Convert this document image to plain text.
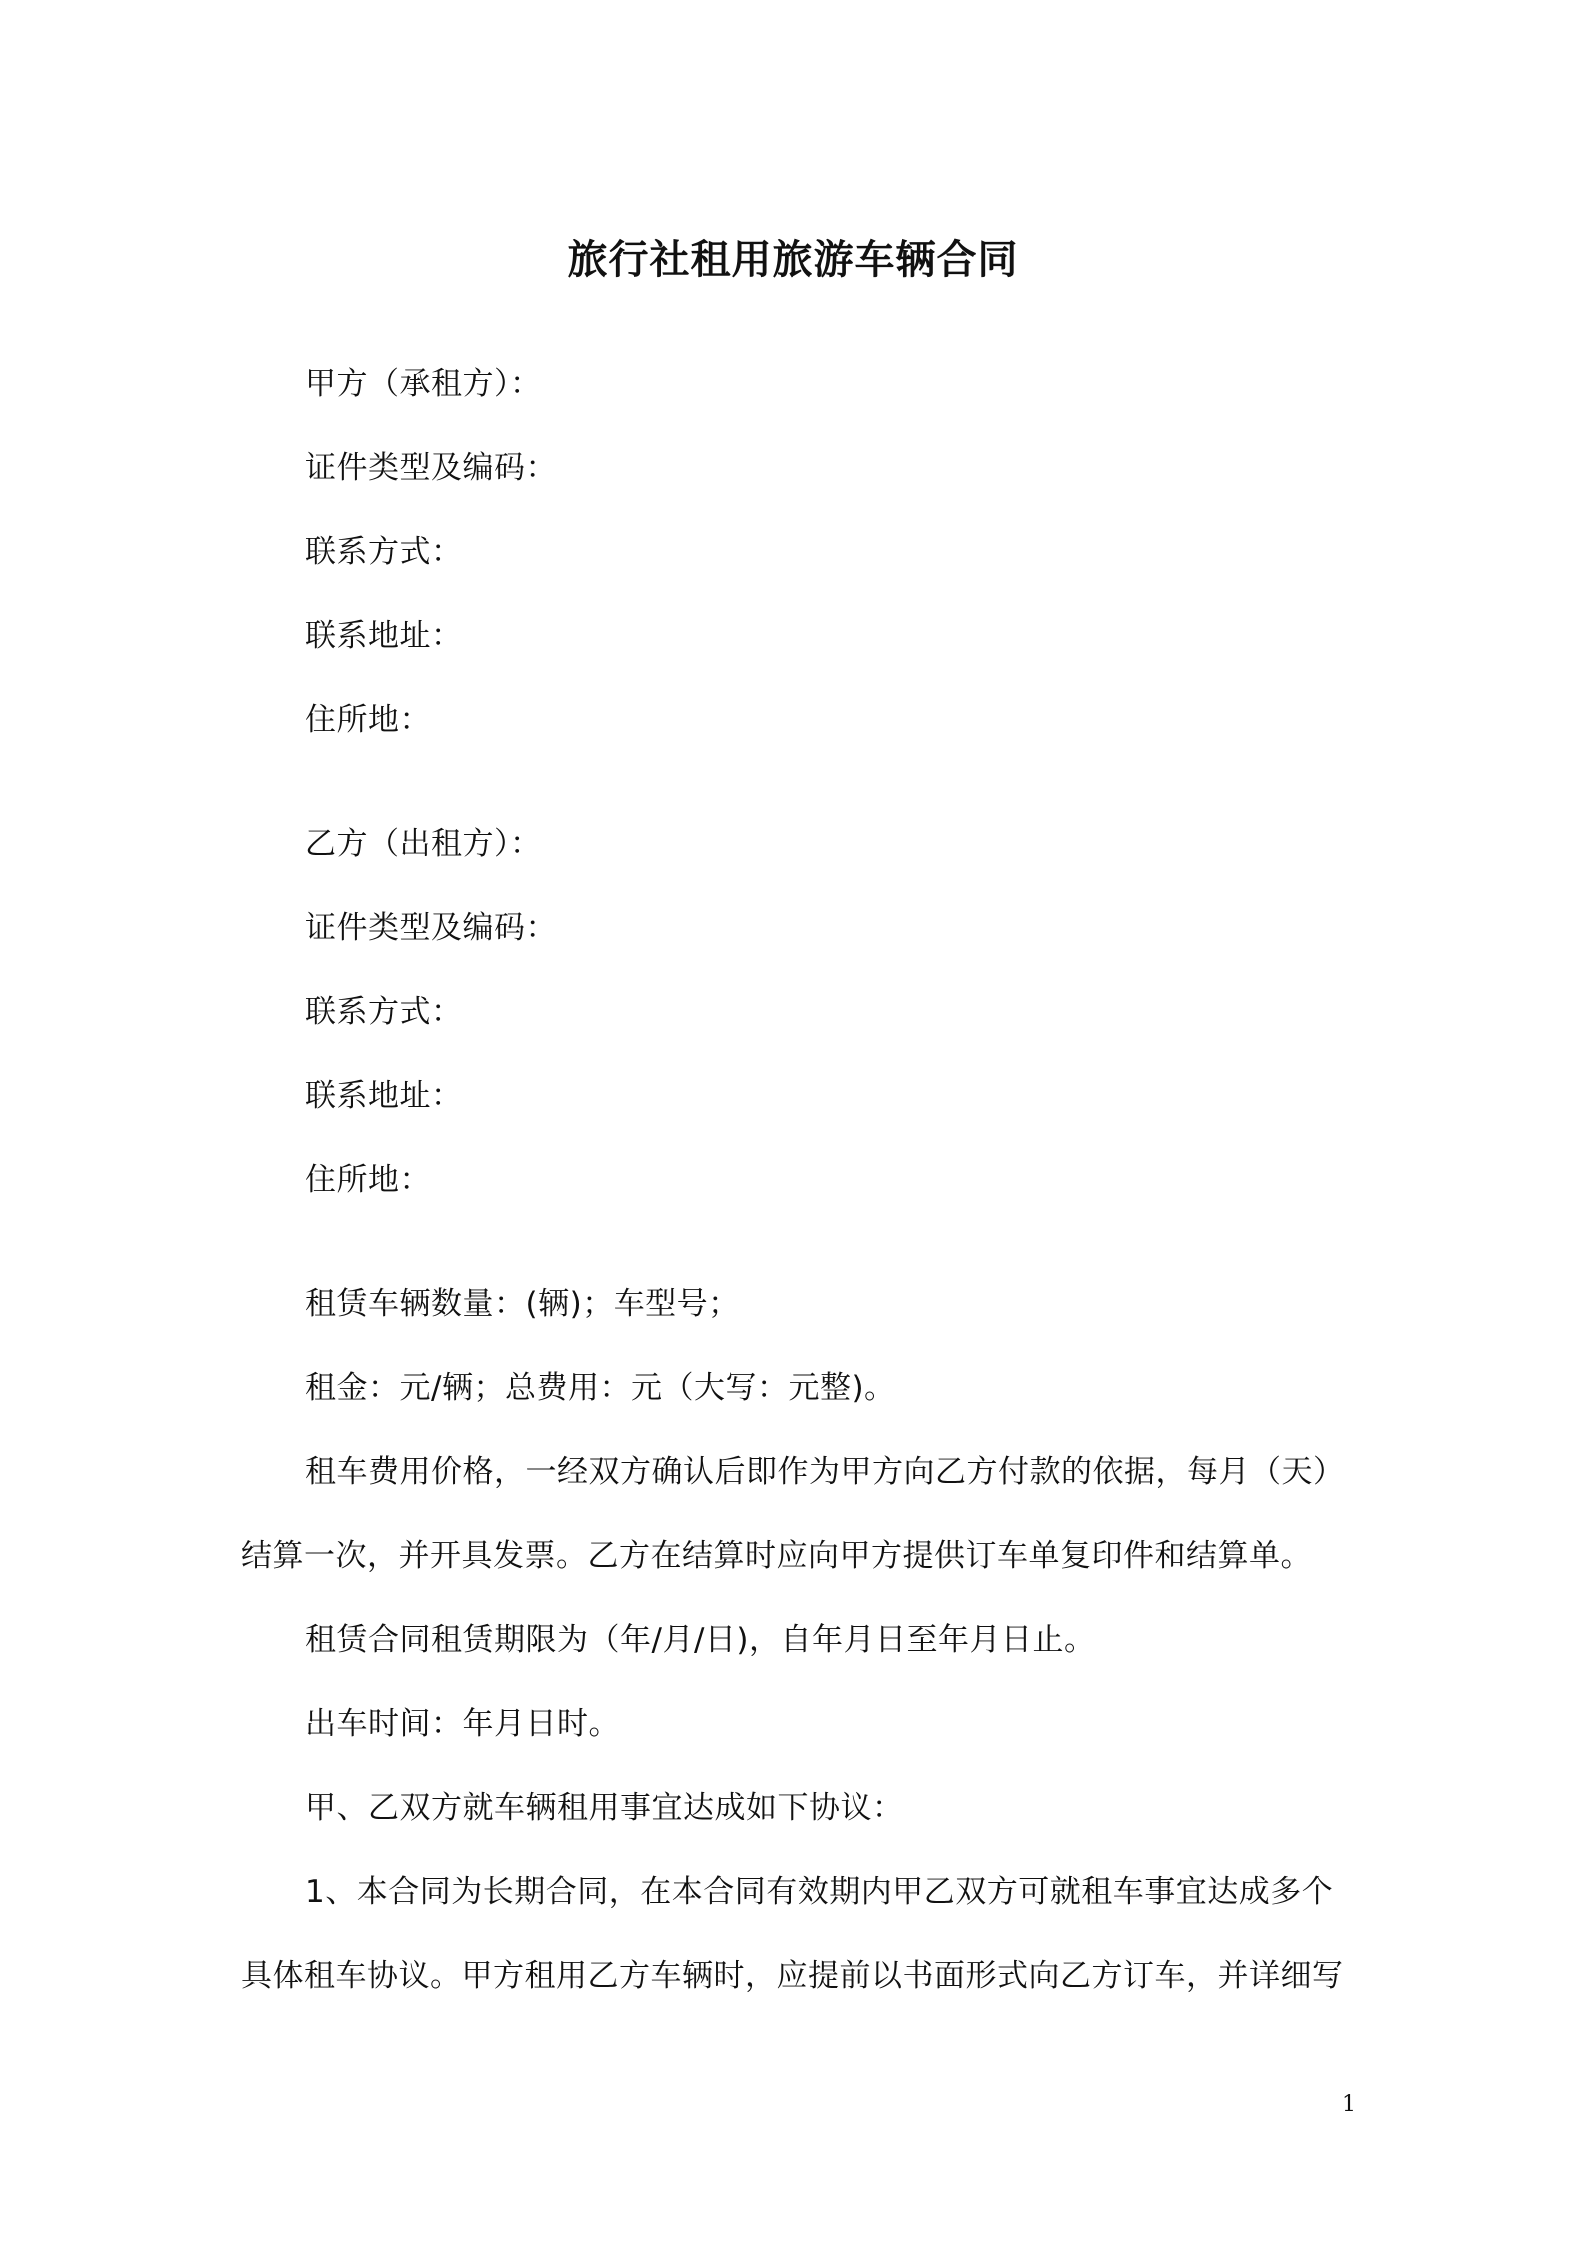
旅行社租用旅游车辆合同
甲方（承租方）：
证件类型及编码：
联系方式：
联系地址：
住所地：
乙方（出租方）：
证件类型及编码：
联系方式：
联系地址：
住所地：
租赁车辆数量：(辆)；车型号；
租金：元/辆；总费用：元（大写：元整)。
租车费用价格，一经双方确认后即作为甲方向乙方付款的依据，每月（天）
结算一次，并开具发票。乙方在结算时应向甲方提供订车单复印件和结算单。
租赁合同租赁期限为（年/月/日)，自年月日至年月日止。
出车时间：年月日时。
甲、乙双方就车辆租用事宜达成如下协议：
1、本合同为长期合同，在本合同有效期内甲乙双方可就租车事宜达成多个
具体租车协议。甲方租用乙方车辆时，应提前以书面形式向乙方订车，并详细写
1
